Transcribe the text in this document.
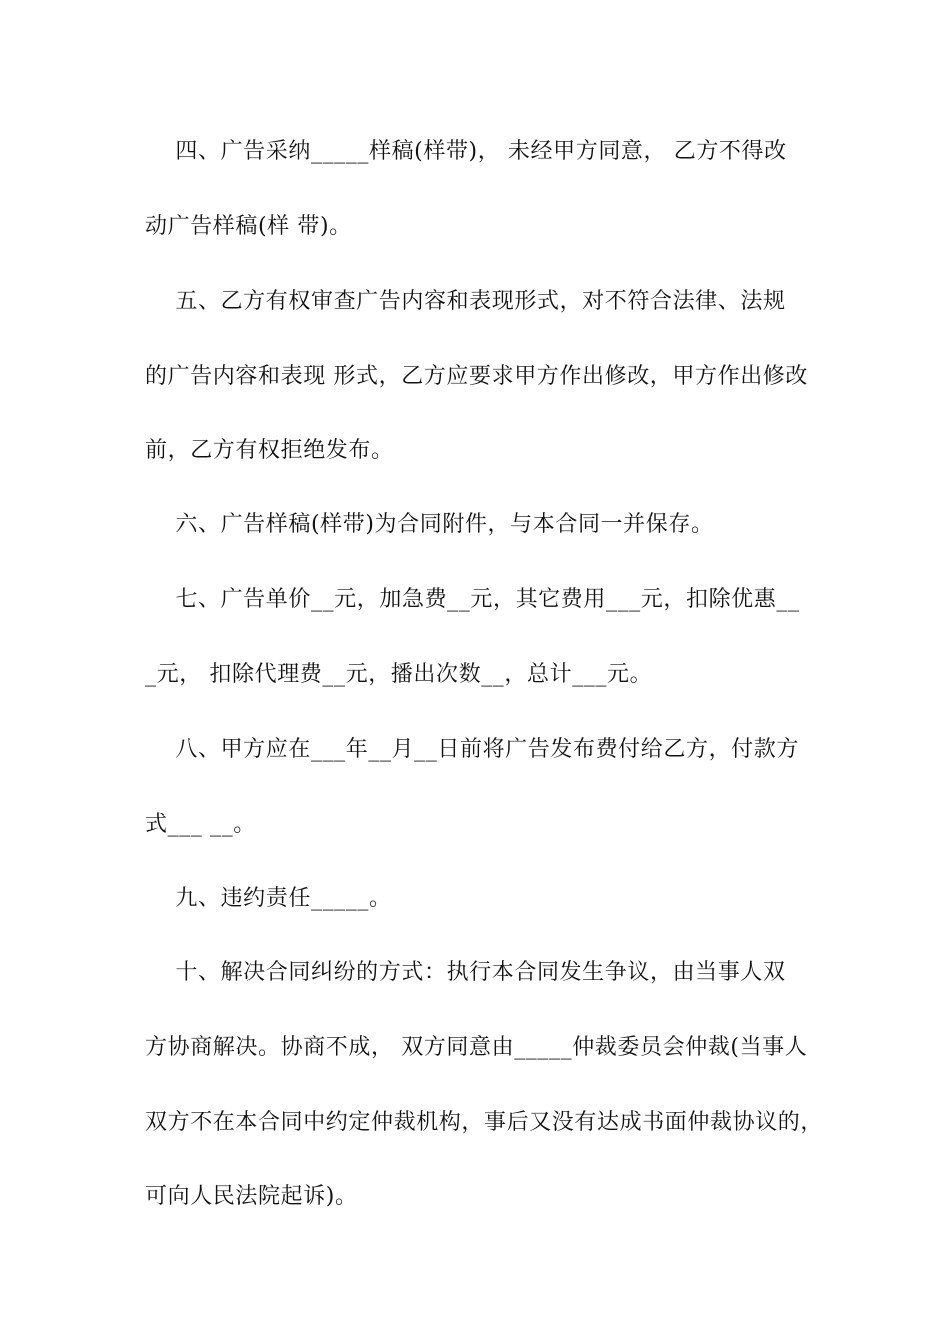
四、广告采纳_____样稿(样带)， 未经甲方同意， 乙方不得改
动广告样稿(样 带)。
五、乙方有权审查广告内容和表现形式，对不符合法律、法规
的广告内容和表现 形式，乙方应要求甲方作出修改，甲方作出修改
前，乙方有权拒绝发布。
六、广告样稿(样带)为合同附件，与本合同一并保存。
七、广告单价__元，加急费__元，其它费用___元，扣除优惠__
_元， 扣除代理费__元，播出次数__，总计___元。
八、甲方应在___年__月__日前将广告发布费付给乙方，付款方
式___ __。
九、违约责任_____。
十、解决合同纠纷的方式：执行本合同发生争议，由当事人双
方协商解决。协商不成， 双方同意由_____仲裁委员会仲裁(当事人
双方不在本合同中约定仲裁机构，事后又没有达成书面仲裁协议的，
可向人民法院起诉)。
